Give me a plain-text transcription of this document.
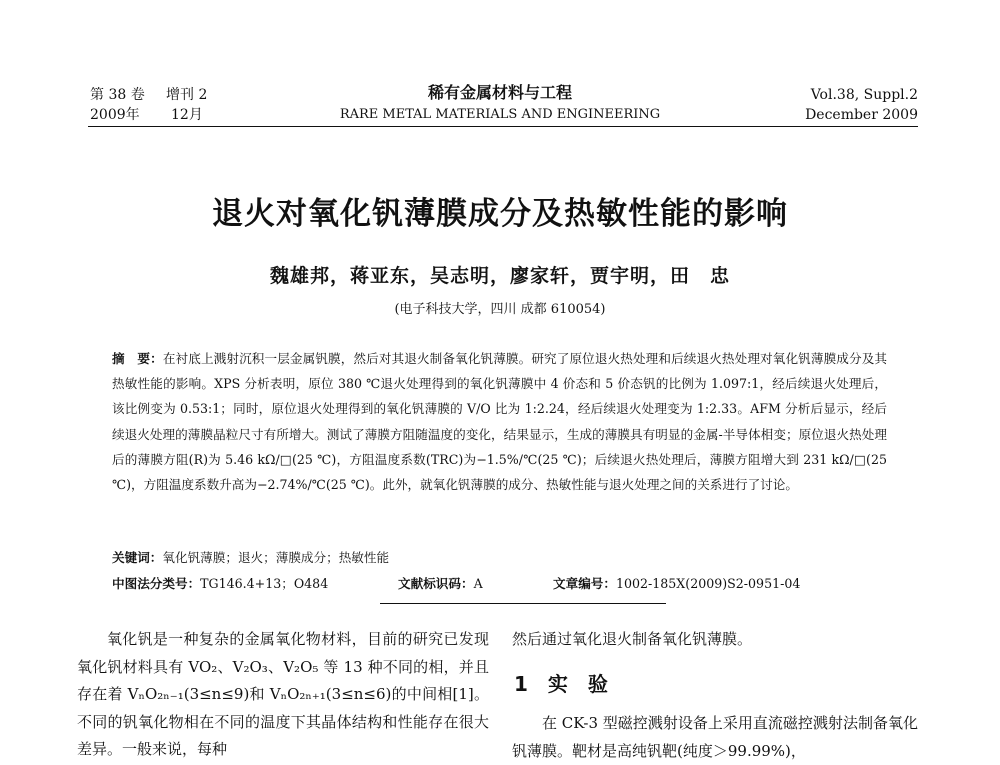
第 38 卷 增刊 2
2009年 12月
稀有金属材料与工程
RARE METAL MATERIALS AND ENGINEERING
Vol.38, Suppl.2
December 2009
退火对氧化钒薄膜成分及热敏性能的影响
魏雄邦，蒋亚东，吴志明，廖家轩，贾宇明，田　忠
(电子科技大学，四川 成都 610054)
摘　要：在衬底上溅射沉积一层金属钒膜，然后对其退火制备氧化钒薄膜。研究了原位退火热处理和后续退火热处理对氧化钒薄膜成分及其热敏性能的影响。XPS 分析表明，原位 380 ℃退火处理得到的氧化钒薄膜中 4 价态和 5 价态钒的比例为 1.097:1，经后续退火处理后，该比例变为 0.53:1；同时，原位退火处理得到的氧化钒薄膜的 V/O 比为 1:2.24，经后续退火处理变为 1:2.33。AFM 分析后显示，经后续退火处理的薄膜晶粒尺寸有所增大。测试了薄膜方阻随温度的变化，结果显示，生成的薄膜具有明显的金属-半导体相变；原位退火热处理后的薄膜方阻(R)为 5.46 kΩ/□(25 ℃)，方阻温度系数(TRC)为−1.5%/℃(25 ℃)；后续退火热处理后，薄膜方阻增大到 231 kΩ/□(25 ℃)，方阻温度系数升高为−2.74%/℃(25 ℃)。此外，就氧化钒薄膜的成分、热敏性能与退火处理之间的关系进行了讨论。
关键词：氧化钒薄膜；退火；薄膜成分；热敏性能
中图法分类号：TG146.4+13；O484	文献标识码：A	文章编号：1002-185X(2009)S2-0951-04
氧化钒是一种复杂的金属氧化物材料，目前的研究已发现氧化钒材料具有 VO₂、V₂O₃、V₂O₅ 等 13 种不同的相，并且存在着 VₙO₂ₙ₋₁(3≤n≤9)和 VₙO₂ₙ₊₁(3≤n≤6)的中间相[1]。不同的钒氧化物相在不同的温度下其晶体结构和性能存在很大差异。一般来说，每种
然后通过氧化退火制备氧化钒薄膜。
1　实　验
在 CK-3 型磁控溅射设备上采用直流磁控溅射法制备氧化钒薄膜。靶材是高纯钒靶(纯度＞99.99%)，
